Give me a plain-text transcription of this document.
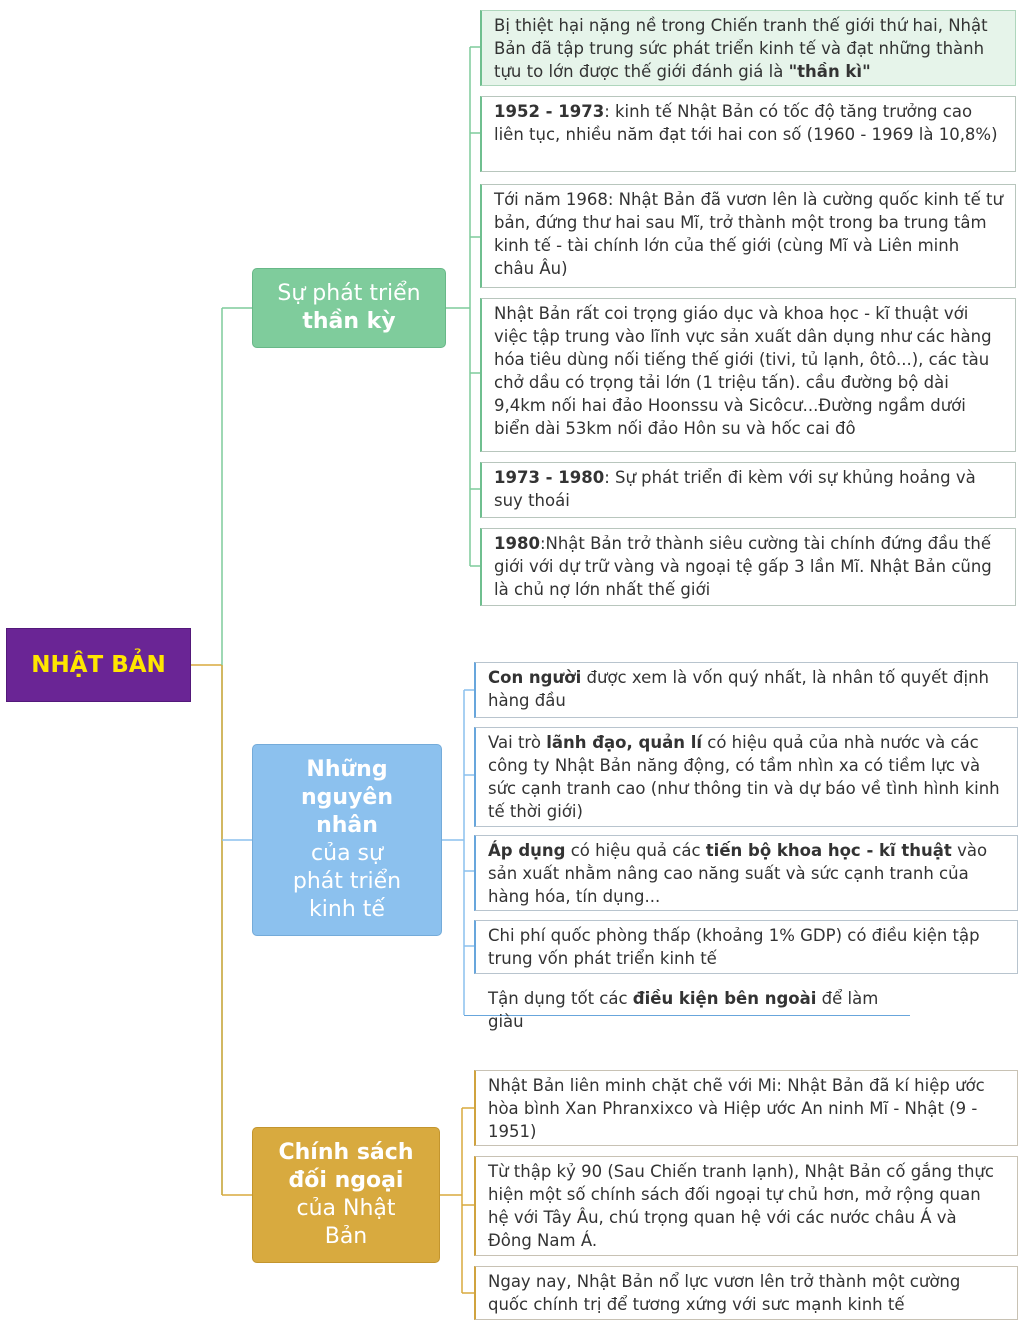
NHẬT BẢN
Sự phát triển
thần kỳ
Những nguyên nhân
của sự
phát triển kinh tế
Chính sách đối ngoại
của Nhật Bản
Bị thiệt hại nặng nề trong Chiến tranh thế giới thứ hai, Nhật Bản đã tập trung sức phát triển kinh tế và đạt những thành tựu to lớn được thế giới đánh giá là "thần kì"
1952 - 1973: kinh tế Nhật Bản có tốc độ tăng trưởng cao liên tục, nhiều năm đạt tới hai con số (1960 - 1969 là 10,8%)
Tới năm 1968: Nhật Bản đã vươn lên là cường quốc kinh tế tư bản, đứng thư hai sau Mĩ, trở thành một trong ba trung tâm kinh tế - tài chính lớn của thế giới (cùng Mĩ và Liên minh châu Âu)
Nhật Bản rất coi trọng giáo dục và khoa học - kĩ thuật với việc tập trung vào lĩnh vực sản xuất dân dụng như các hàng hóa tiêu dùng nối tiếng thế giới (tivi, tủ lạnh, ôtô...), các tàu chở dầu có trọng tải lớn (1 triệu tấn). cầu đường bộ dài 9,4km nối hai đảo Hoonssu và Sicôcư...Đường ngầm dưới biển dài 53km nối đảo Hôn su và hốc cai đô
1973 - 1980: Sự phát triển đi kèm với sự khủng hoảng và suy thoái
1980:Nhật Bản trở thành siêu cường tài chính đứng đầu thế giới với dự trữ vàng và ngoại tệ gấp 3 lần Mĩ. Nhật Bản cũng là chủ nợ lớn nhất thế giới
Con người được xem là vốn quý nhất, là nhân tố quyết định hàng đầu
Vai trò lãnh đạo, quản lí có hiệu quả của nhà nước và các công ty Nhật Bản năng động, có tầm nhìn xa có tiềm lực và sức cạnh tranh cao (như thông tin và dự báo về tình hình kinh tế thời giới)
Áp dụng có hiệu quả các tiến bộ khoa học - kĩ thuật vào sản xuất nhằm nâng cao năng suất và sức cạnh tranh của hàng hóa, tín dụng...
Chi phí quốc phòng thấp (khoảng 1% GDP) có điều kiện tập trung vốn phát triển kinh tế
Tận dụng tốt các điều kiện bên ngoài để làm giàu
Nhật Bản liên minh chặt chẽ với Mi: Nhật Bản đã kí hiệp ước hòa bình Xan Phranxixco và Hiệp ước An ninh Mĩ - Nhật (9 - 1951)
Từ thập kỷ 90 (Sau Chiến tranh lạnh), Nhật Bản cố gắng thực hiện một số chính sách đối ngoại tự chủ hơn, mở rộng quan hệ với Tây Âu, chú trọng quan hệ với các nước châu Á và Đông Nam Á.
Ngay nay, Nhật Bản nổ lực vươn lên trở thành một cường quốc chính trị để tương xứng với sưc mạnh kinh tế
